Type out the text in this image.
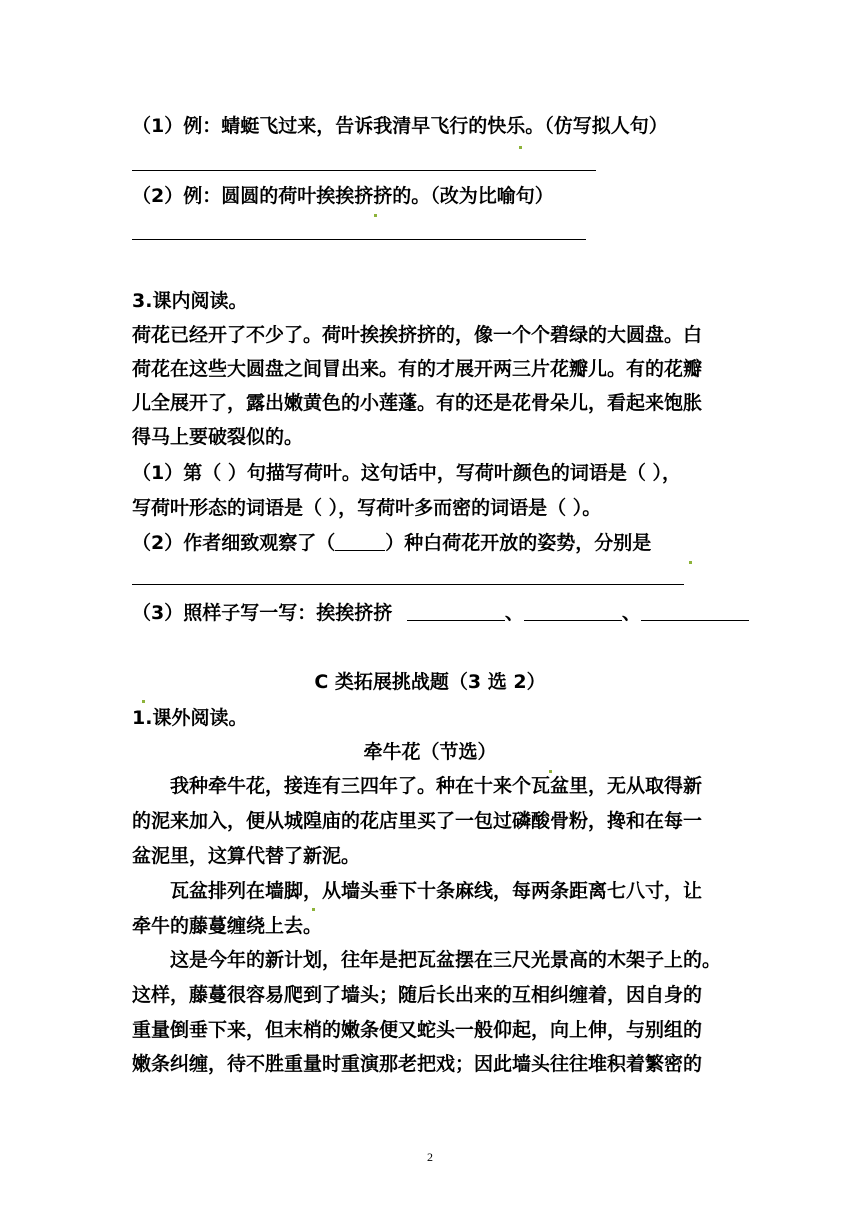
（1）例：蜻蜓飞过来，告诉我清早飞行的快乐。（仿写拟人句）
（2）例：圆圆的荷叶挨挨挤挤的。（改为比喻句）
3.课内阅读。
荷花已经开了不少了。荷叶挨挨挤挤的，像一个个碧绿的大圆盘。白
荷花在这些大圆盘之间冒出来。有的才展开两三片花瓣儿。有的花瓣
儿全展开了，露出嫩黄色的小莲蓬。有的还是花骨朵儿，看起来饱胀
得马上要破裂似的。
（1）第（ ）句描写荷叶。这句话中，写荷叶颜色的词语是（ ），
写荷叶形态的词语是（ ），写荷叶多而密的词语是（ ）。
（2）作者细致观察了（	）种白荷花开放的姿势，分别是
（3）照样子写一写：挨挨挤挤	、	、
C 类拓展挑战题（3 选 2）
1.课外阅读。
牵牛花（节选）
我种牵牛花，接连有三四年了。种在十来个瓦盆里，无从取得新
的泥来加入，便从城隍庙的花店里买了一包过磷酸骨粉，搀和在每一
盆泥里，这算代替了新泥。
瓦盆排列在墙脚，从墙头垂下十条麻线，每两条距离七八寸，让
牵牛的藤蔓缠绕上去。
这是今年的新计划，往年是把瓦盆摆在三尺光景高的木架子上的。
这样，藤蔓很容易爬到了墙头；随后长出来的互相纠缠着，因自身的
重量倒垂下来，但末梢的嫩条便又蛇头一般仰起，向上伸，与别组的
嫩条纠缠，待不胜重量时重演那老把戏；因此墙头往往堆积着繁密的
2
